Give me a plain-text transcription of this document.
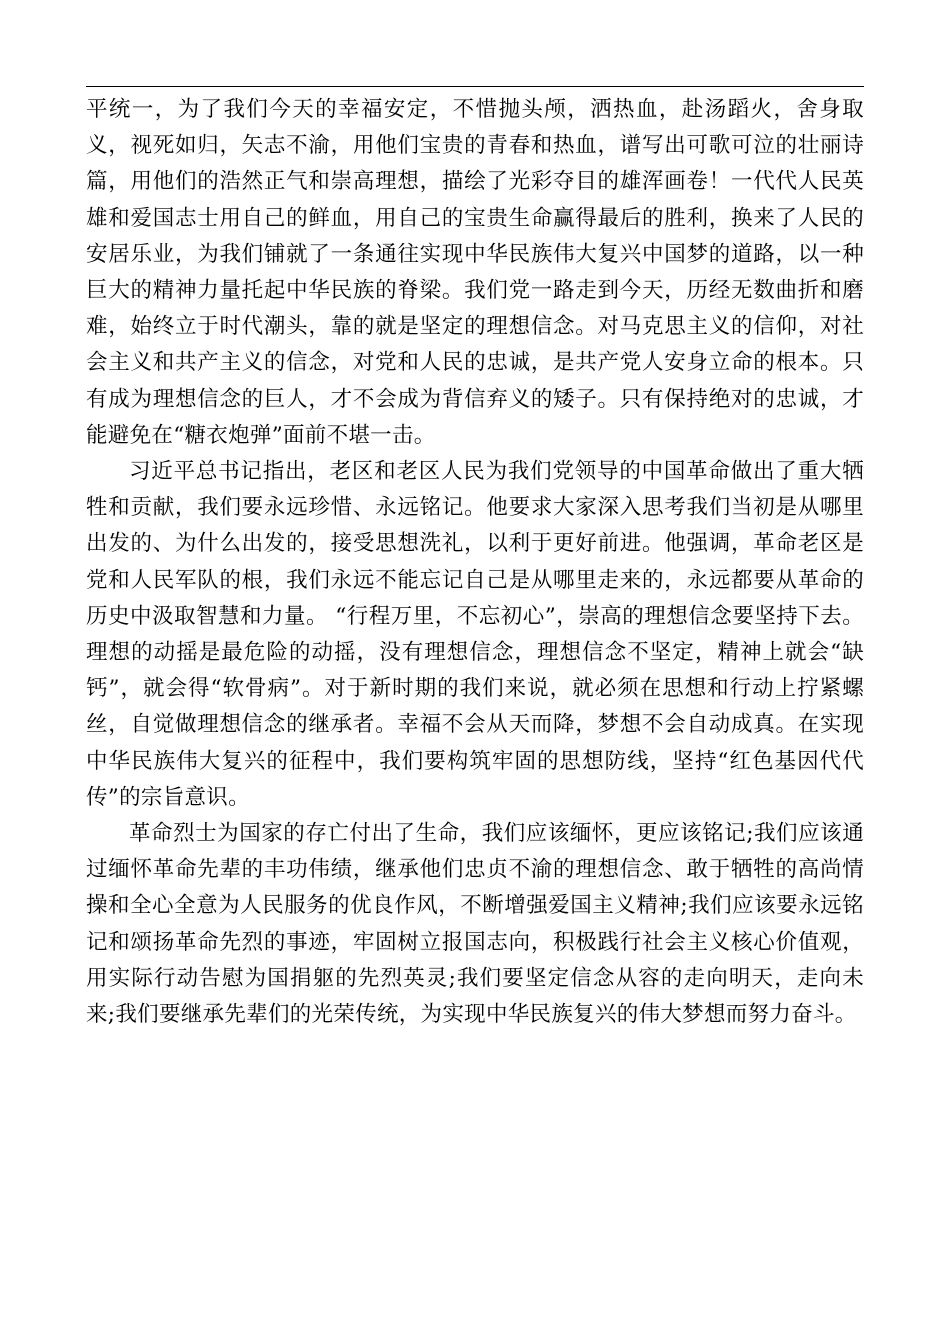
平统一，为了我们今天的幸福安定，不惜抛头颅，洒热血，赴汤蹈火，舍身取义，视死如归，矢志不渝，用他们宝贵的青春和热血，谱写出可歌可泣的壮丽诗篇，用他们的浩然正气和崇高理想，描绘了光彩夺目的雄浑画卷！一代代人民英雄和爱国志士用自己的鲜血，用自己的宝贵生命赢得最后的胜利，换来了人民的安居乐业，为我们铺就了一条通往实现中华民族伟大复兴中国梦的道路，以一种巨大的精神力量托起中华民族的脊梁。我们党一路走到今天，历经无数曲折和磨难，始终立于时代潮头，靠的就是坚定的理想信念。对马克思主义的信仰，对社会主义和共产主义的信念，对党和人民的忠诚，是共产党人安身立命的根本。只有成为理想信念的巨人，才不会成为背信弃义的矮子。只有保持绝对的忠诚，才能避免在“糖衣炮弹”面前不堪一击。

习近平总书记指出，老区和老区人民为我们党领导的中国革命做出了重大牺牲和贡献，我们要永远珍惜、永远铭记。他要求大家深入思考我们当初是从哪里出发的、为什么出发的，接受思想洗礼，以利于更好前进。他强调，革命老区是党和人民军队的根，我们永远不能忘记自己是从哪里走来的，永远都要从革命的历史中汲取智慧和力量。 “行程万里，不忘初心”，崇高的理想信念要坚持下去。理想的动摇是最危险的动摇，没有理想信念，理想信念不坚定，精神上就会“缺钙”，就会得“软骨病”。对于新时期的我们来说，就必须在思想和行动上拧紧螺丝，自觉做理想信念的继承者。幸福不会从天而降，梦想不会自动成真。在实现中华民族伟大复兴的征程中，我们要构筑牢固的思想防线，坚持“红色基因代代传”的宗旨意识。

革命烈士为国家的存亡付出了生命，我们应该缅怀，更应该铭记;我们应该通过缅怀革命先辈的丰功伟绩，继承他们忠贞不渝的理想信念、敢于牺牲的高尚情操和全心全意为人民服务的优良作风，不断增强爱国主义精神;我们应该要永远铭记和颂扬革命先烈的事迹，牢固树立报国志向，积极践行社会主义核心价值观，用实际行动告慰为国捐躯的先烈英灵;我们要坚定信念从容的走向明天，走向未来;我们要继承先辈们的光荣传统，为实现中华民族复兴的伟大梦想而努力奋斗。
